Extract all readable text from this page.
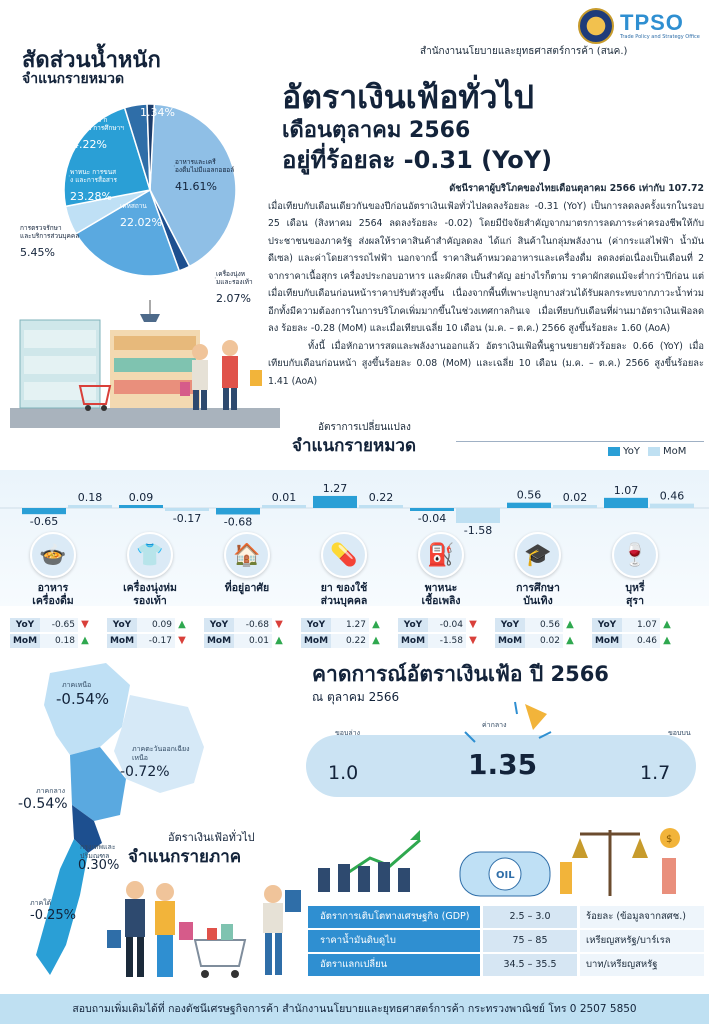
TPSO
Trade Policy and Strategy Office
สำนักงานนโยบายและยุทธศาสตร์การค้า (สนค.)
สัดส่วนน้ำหนัก
จำแนกรายหมวด
อาหารและเครื
่องดื่มไม่มีแอลกอฮอล์
41.61%
เครื่องนุ่งห
่มและรองเท้า
2.07%
เคหสถาน
22.02%
การตรวจรักษา
และบริการส่วนบุคคล
5.45%
พาหนะ การขนส
่ง และการสื่อสาร
23.28%
การบันเทิง ก
ารอ่าน การศึกษาฯ
4.22%
ยาสูบและเครื
่องดื่มมีแอลกอฮอล์
1.34%	อัตราเงินเฟ้อทั่วไป
เดือนตุลาคม 2566
อยู่ที่ร้อยละ -0.31 (YoY)
ดัชนีราคาผู้บริโภคของไทยเดือนตุลาคม 2566 เท่ากับ 107.72

เมื่อเทียบกับเดือนเดียวกันของปีก่อนอัตราเงินเฟ้อทั่วไปลดลงร้อยละ -0.31 (YoY) เป็นการลดลงครั้งแรกในรอบ 25 เดือน (สิงหาคม 2564 ลดลงร้อยละ -0.02) โดยมีปัจจัยสำคัญจากมาตรการลดภาระค่าครองชีพให้กับประชาชนของภาครัฐ ส่งผลให้ราคาสินค้าสำคัญลดลง ได้แก่ สินค้าในกลุ่มพลังงาน (ค่ากระแสไฟฟ้า น้ำมันดีเซล) และค่าโดยสารรถไฟฟ้า นอกจากนี้ ราคาสินค้าหมวดอาหารและเครื่องดื่ม ลดลงต่อเนื่องเป็นเดือนที่ 2 จากราคาเนื้อสุกร เครื่องประกอบอาหาร และผักสด เป็นสำคัญ อย่างไรก็ตาม ราคาผักสดแม้จะต่ำกว่าปีก่อน แต่เมื่อเทียบกับเดือนก่อนหน้าราคาปรับตัวสูงขึ้น เนื่องจากพื้นที่เพาะปลูกบางส่วนได้รับผลกระทบจากภาวะน้ำท่วม อีกทั้งมีความต้องการในการบริโภคเพิ่มมากขึ้นในช่วงเทศกาลกินเจ เมื่อเทียบกับเดือนที่ผ่านมาอัตราเงินเฟ้อลดลง ร้อยละ -0.28 (MoM) และเมื่อเทียบเฉลี่ย 10 เดือน (ม.ค. – ต.ค.) 2566 สูงขึ้นร้อยละ 1.60 (AoA)

ทั้งนี้ เมื่อหักอาหารสดและพลังงานออกแล้ว อัตราเงินเฟ้อพื้นฐานขยายตัวร้อยละ 0.66 (YoY) เมื่อเทียบกับเดือนก่อนหน้า สูงขึ้นร้อยละ 0.08 (MoM) และเฉลี่ย 10 เดือน (ม.ค. – ต.ค.) 2566 สูงขึ้นร้อยละ 1.41 (AoA)

อัตราการเปลี่ยนแปลง
จำแนกรายหมวด	YoY	MoM
-0.65
0.18 0.09
-0.17 -0.68
0.01
1.27
0.22
-0.04
-1.58
0.56 0.02
1.07 0.46
🍲
อาหาร
เครื่องดื่ม
YoY	-0.65 ▼
MoM	0.18 ▲
👕
เครื่องนุ่งห่ม
รองเท้า
YoY	0.09 ▲
MoM	-0.17 ▼
🏠
ที่อยู่อาศัย
YoY	-0.68 ▼
MoM	0.01 ▲
💊
ยา ของใช้
ส่วนบุคคล
YoY	1.27 ▲
MoM	0.22 ▲
⛽
พาหนะ
เชื้อเพลิง
YoY	-0.04 ▼
MoM	-1.58 ▼
🎓
การศึกษา
บันเทิง
YoY	0.56 ▲
MoM	0.02 ▲
🍷
บุหรี่
สุรา
YoY	1.07 ▲
MoM	0.46 ▲
คาดการณ์อัตราเงินเฟ้อ ปี 2566
ณ ตุลาคม 2566
ขอบล่าง
ค่ากลาง
ขอบบน
1.0	1.35	1.7
ภาคเหนือ
-0.54%
ภาคตะวันออกเฉียงเหนือ
-0.72%
ภาคกลาง
-0.54%
กรุงเทพและปริมณฑล
0.30%
ภาคใต้
-0.25%
อัตราเงินเฟ้อทั่วไป
จำแนกรายภาค
OIL
$
อัตราการเติบโตทางเศรษฐกิจ (GDP)	2.5 – 3.0	ร้อยละ (ข้อมูลจากสศช.)
ราคาน้ำมันดิบดูไบ	75 – 85	เหรียญสหรัฐ/บาร์เรล
อัตราแลกเปลี่ยน	34.5 – 35.5	บาท/เหรียญสหรัฐ
สอบถามเพิ่มเติมได้ที่ กองดัชนีเศรษฐกิจการค้า สำนักงานนโยบายและยุทธศาสตร์การค้า กระทรวงพาณิชย์ โทร 0 2507 5850
